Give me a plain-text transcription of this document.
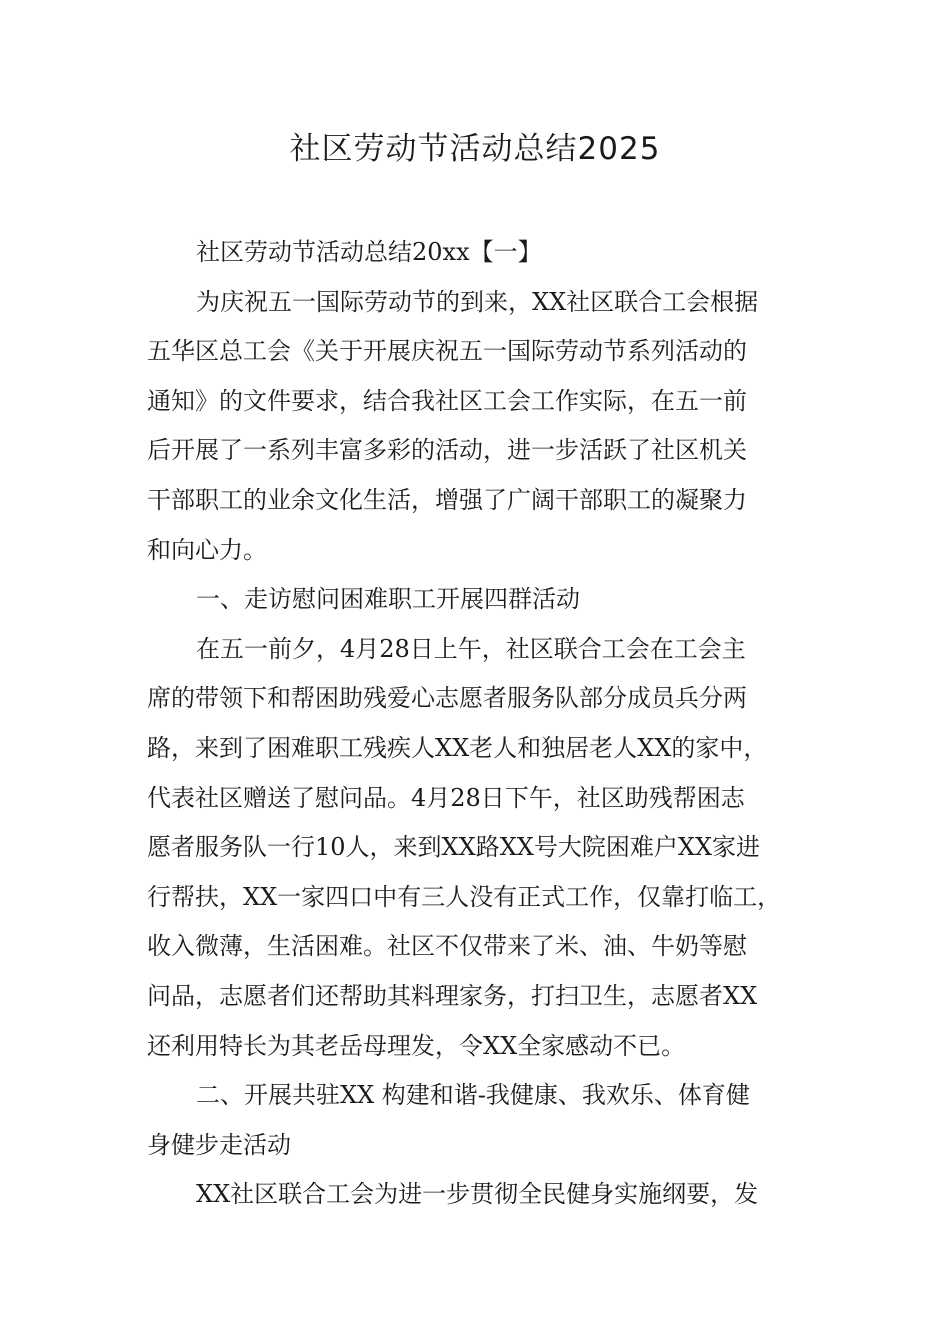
社区劳动节活动总结2025
社区劳动节活动总结20xx【一】
为庆祝五一国际劳动节的到来，XX社区联合工会根据
五华区总工会《关于开展庆祝五一国际劳动节系列活动的
通知》的文件要求，结合我社区工会工作实际，在五一前
后开展了一系列丰富多彩的活动，进一步活跃了社区机关
干部职工的业余文化生活，增强了广阔干部职工的凝聚力
和向心力。
一、走访慰问困难职工开展四群活动
在五一前夕，4月28日上午，社区联合工会在工会主
席的带领下和帮困助残爱心志愿者服务队部分成员兵分两
路，来到了困难职工残疾人XX老人和独居老人XX的家中，
代表社区赠送了慰问品。4月28日下午，社区助残帮困志
愿者服务队一行10人，来到XX路XX号大院困难户XX家进
行帮扶，XX一家四口中有三人没有正式工作，仅靠打临工，
收入微薄，生活困难。社区不仅带来了米、油、牛奶等慰
问品，志愿者们还帮助其料理家务，打扫卫生，志愿者XX
还利用特长为其老岳母理发，令XX全家感动不已。
二、开展共驻XX 构建和谐-我健康、我欢乐、体育健
身健步走活动
XX社区联合工会为进一步贯彻全民健身实施纲要，发
